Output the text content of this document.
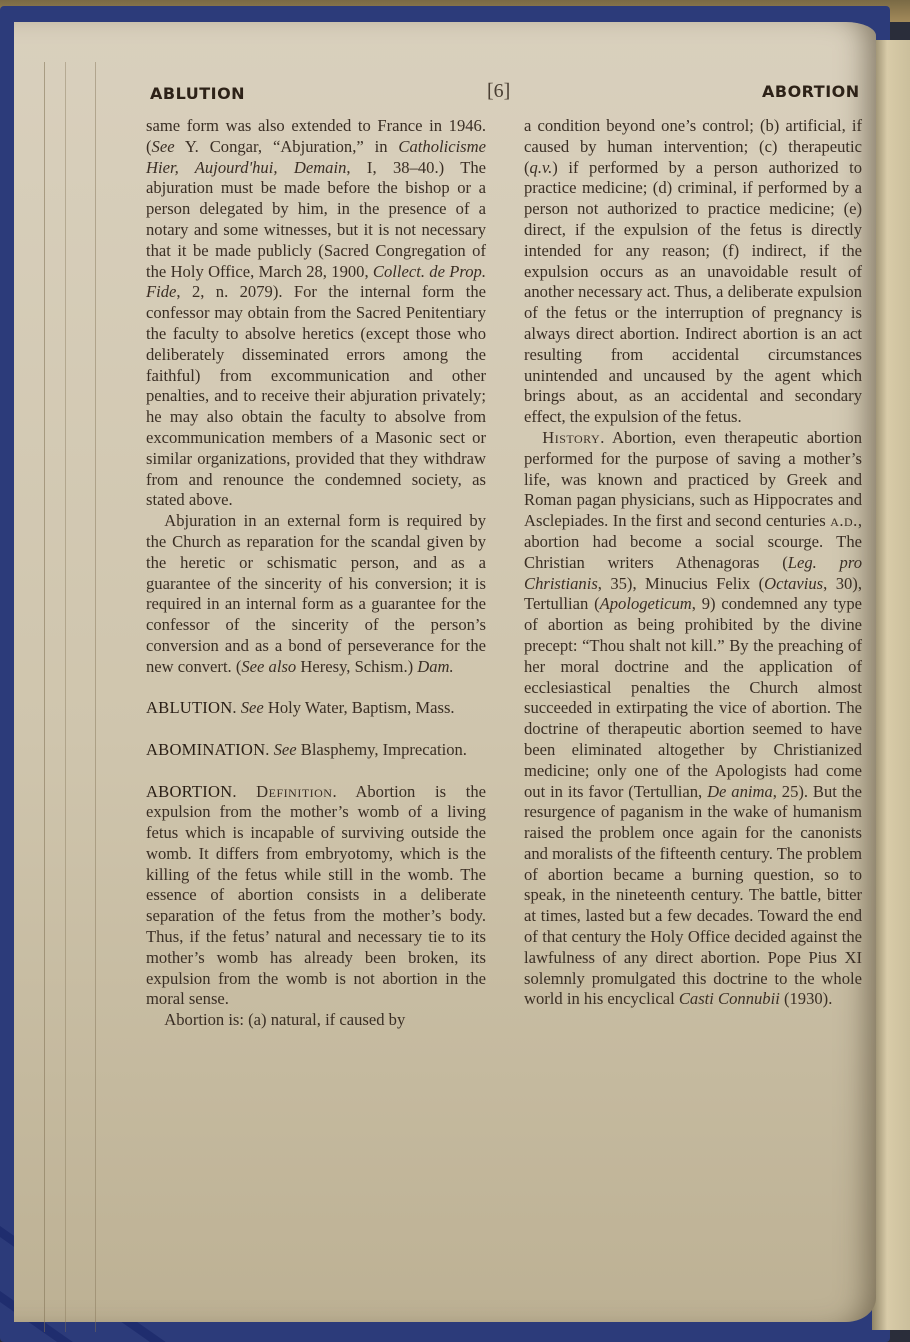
ABLUTION	[6]	ABORTION

same form was also extended to France in 1946. (See Y. Congar, “Abjuration,” in Catholicisme Hier, Aujourd'hui, Demain, I, 38–40.) The abjuration must be made before the bishop or a person delegated by him, in the presence of a notary and some witnesses, but it is not necessary that it be made publicly (Sacred Congregation of the Holy Office, March 28, 1900, Collect. de Prop. Fide, 2, n. 2079). For the internal form the confessor may obtain from the Sacred Penitentiary the faculty to absolve heretics (except those who deliberately disseminated errors among the faithful) from excommunication and other penalties, and to receive their abjuration privately; he may also obtain the faculty to absolve from excommunication members of a Masonic sect or similar organizations, provided that they withdraw from and renounce the condemned society, as stated above.

Abjuration in an external form is required by the Church as reparation for the scandal given by the heretic or schismatic person, and as a guarantee of the sincerity of his conversion; it is required in an internal form as a guarantee for the confessor of the sincerity of the person’s conversion and as a bond of perseverance for the new convert. (See also Heresy, Schism.) Dam.

ABLUTION. See Holy Water, Baptism, Mass.

ABOMINATION. See Blasphemy, Imprecation.

ABORTION. Definition. Abortion is the expulsion from the mother’s womb of a living fetus which is incapable of surviving outside the womb. It differs from embryotomy, which is the killing of the fetus while still in the womb. The essence of abortion consists in a deliberate separation of the fetus from the mother’s body. Thus, if the fetus’ natural and necessary tie to its mother’s womb has already been broken, its expulsion from the womb is not abortion in the moral sense.

Abortion is: (a) natural, if caused by

a condition beyond one’s control; (b) artificial, if caused by human intervention; (c) therapeutic (q.v.) if performed by a person authorized to practice medicine; (d) criminal, if performed by a person not authorized to practice medicine; (e) direct, if the expulsion of the fetus is directly intended for any reason; (f) indirect, if the expulsion occurs as an unavoidable result of another necessary act. Thus, a deliberate expulsion of the fetus or the interruption of pregnancy is always direct abortion. Indirect abortion is an act resulting from accidental circumstances unintended and uncaused by the agent which brings about, as an accidental and secondary effect, the expulsion of the fetus.

History. Abortion, even therapeutic abortion performed for the purpose of saving a mother’s life, was known and practiced by Greek and Roman pagan physicians, such as Hippocrates and Asclepiades. In the first and second centuries a.d., abortion had become a social scourge. The Christian writers Athenagoras (Leg. pro Christianis, 35), Minucius Felix (Octavius, 30), Tertullian (Apologeticum, 9) condemned any type of abortion as being prohibited by the divine precept: “Thou shalt not kill.” By the preaching of her moral doctrine and the application of ecclesiastical penalties the Church almost succeeded in extirpating the vice of abortion. The doctrine of therapeutic abortion seemed to have been eliminated altogether by Christianized medicine; only one of the Apologists had come out in its favor (Tertullian, De anima, 25). But the resurgence of paganism in the wake of humanism raised the problem once again for the canonists and moralists of the fifteenth century. The problem of abortion became a burning question, so to speak, in the nineteenth century. The battle, bitter at times, lasted but a few decades. Toward the end of that century the Holy Office decided against the lawfulness of any direct abortion. Pope Pius XI solemnly promulgated this doctrine to the whole world in his encyclical Casti Connubii (1930).
